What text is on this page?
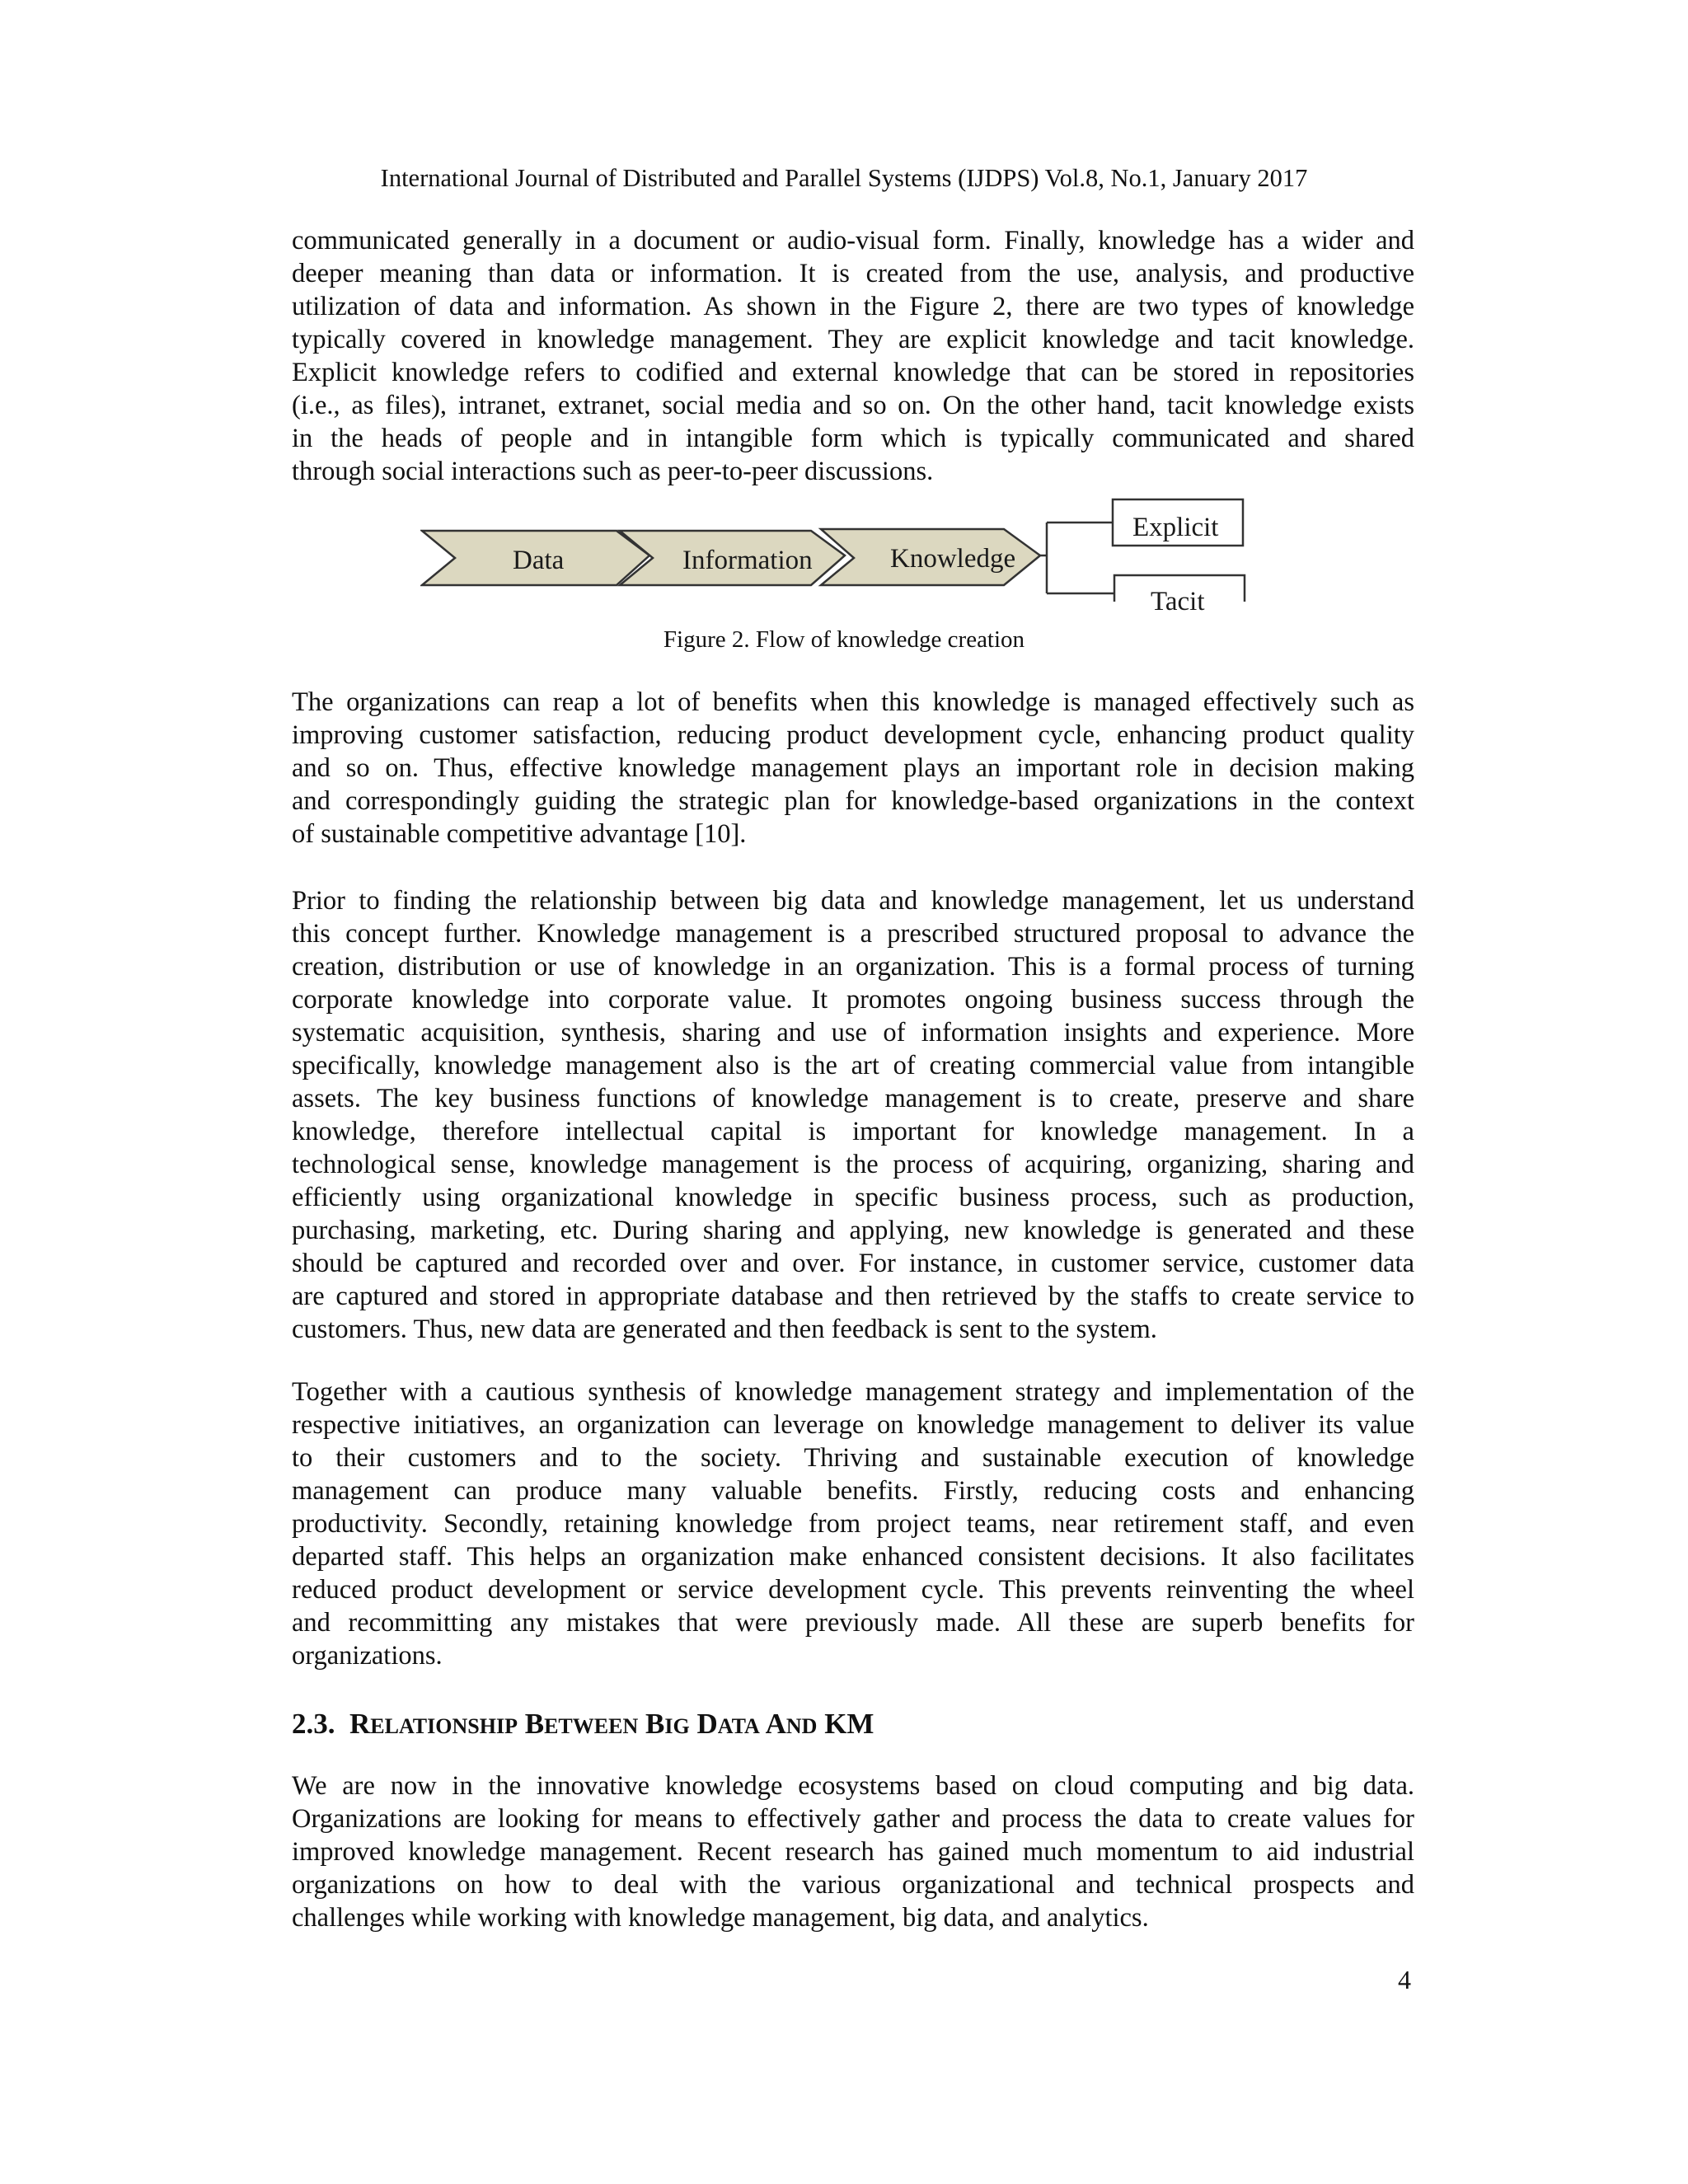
International Journal of Distributed and Parallel Systems (IJDPS) Vol.8, No.1, January 2017
communicated generally in a document or audio-visual form. Finally, knowledge has a wider and
deeper meaning than data or information. It is created from the use, analysis, and productive
utilization of data and information. As shown in the Figure 2, there are two types of knowledge
typically covered in knowledge management. They are explicit knowledge and tacit knowledge.
Explicit knowledge refers to codified and external knowledge that can be stored in repositories
(i.e., as files), intranet, extranet, social media and so on. On the other hand, tacit knowledge exists
in the heads of people and in intangible form which is typically communicated and shared
through social interactions such as peer-to-peer discussions.
Data	Information	Knowledge
Explicit
Tacit
Figure 2. Flow of knowledge creation
The organizations can reap a lot of benefits when this knowledge is managed effectively such as
improving customer satisfaction, reducing product development cycle, enhancing product quality
and so on. Thus, effective knowledge management plays an important role in decision making
and correspondingly guiding the strategic plan for knowledge-based organizations in the context
of sustainable competitive advantage [10].
Prior to finding the relationship between big data and knowledge management, let us understand
this concept further. Knowledge management is a prescribed structured proposal to advance the
creation, distribution or use of knowledge in an organization. This is a formal process of turning
corporate knowledge into corporate value. It promotes ongoing business success through the
systematic acquisition, synthesis, sharing and use of information insights and experience. More
specifically, knowledge management also is the art of creating commercial value from intangible
assets. The key business functions of knowledge management is to create, preserve and share
knowledge, therefore intellectual capital is important for knowledge management. In a
technological sense, knowledge management is the process of acquiring, organizing, sharing and
efficiently using organizational knowledge in specific business process, such as production,
purchasing, marketing, etc. During sharing and applying, new knowledge is generated and these
should be captured and recorded over and over. For instance, in customer service, customer data
are captured and stored in appropriate database and then retrieved by the staffs to create service to
customers. Thus, new data are generated and then feedback is sent to the system.
Together with a cautious synthesis of knowledge management strategy and implementation of the
respective initiatives, an organization can leverage on knowledge management to deliver its value
to their customers and to the society. Thriving and sustainable execution of knowledge
management can produce many valuable benefits. Firstly, reducing costs and enhancing
productivity. Secondly, retaining knowledge from project teams, near retirement staff, and even
departed staff. This helps an organization make enhanced consistent decisions. It also facilitates
reduced product development or service development cycle. This prevents reinventing the wheel
and recommitting any mistakes that were previously made. All these are superb benefits for
organizations.
2.3. RELATIONSHIP BETWEEN BIG DATA AND KM
We are now in the innovative knowledge ecosystems based on cloud computing and big data.
Organizations are looking for means to effectively gather and process the data to create values for
improved knowledge management. Recent research has gained much momentum to aid industrial
organizations on how to deal with the various organizational and technical prospects and
challenges while working with knowledge management, big data, and analytics.
4
